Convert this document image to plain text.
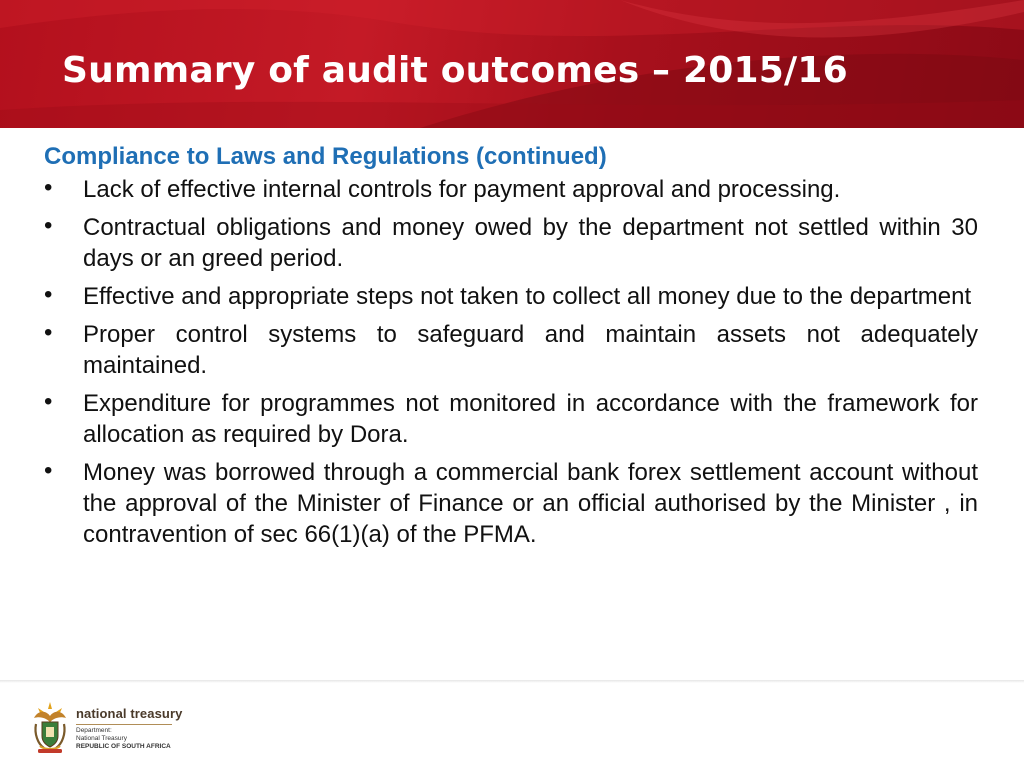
Summary of audit outcomes – 2015/16

Compliance to Laws and Regulations (continued)

• Lack of effective internal controls for payment approval and processing.
• Contractual obligations and money owed by the department not settled within 30 days or an greed period.
• Effective and appropriate steps not taken to collect all money due to the department
• Proper control systems to safeguard and maintain assets not adequately maintained.
• Expenditure for programmes not monitored in accordance with the framework for allocation as required by Dora.
• Money was borrowed through a commercial bank forex settlement account without the approval of the Minister of Finance or an official authorised by the Minister , in contravention of sec 66(1)(a) of the PFMA.
national treasury
Department:
National Treasury
REPUBLIC OF SOUTH AFRICA
